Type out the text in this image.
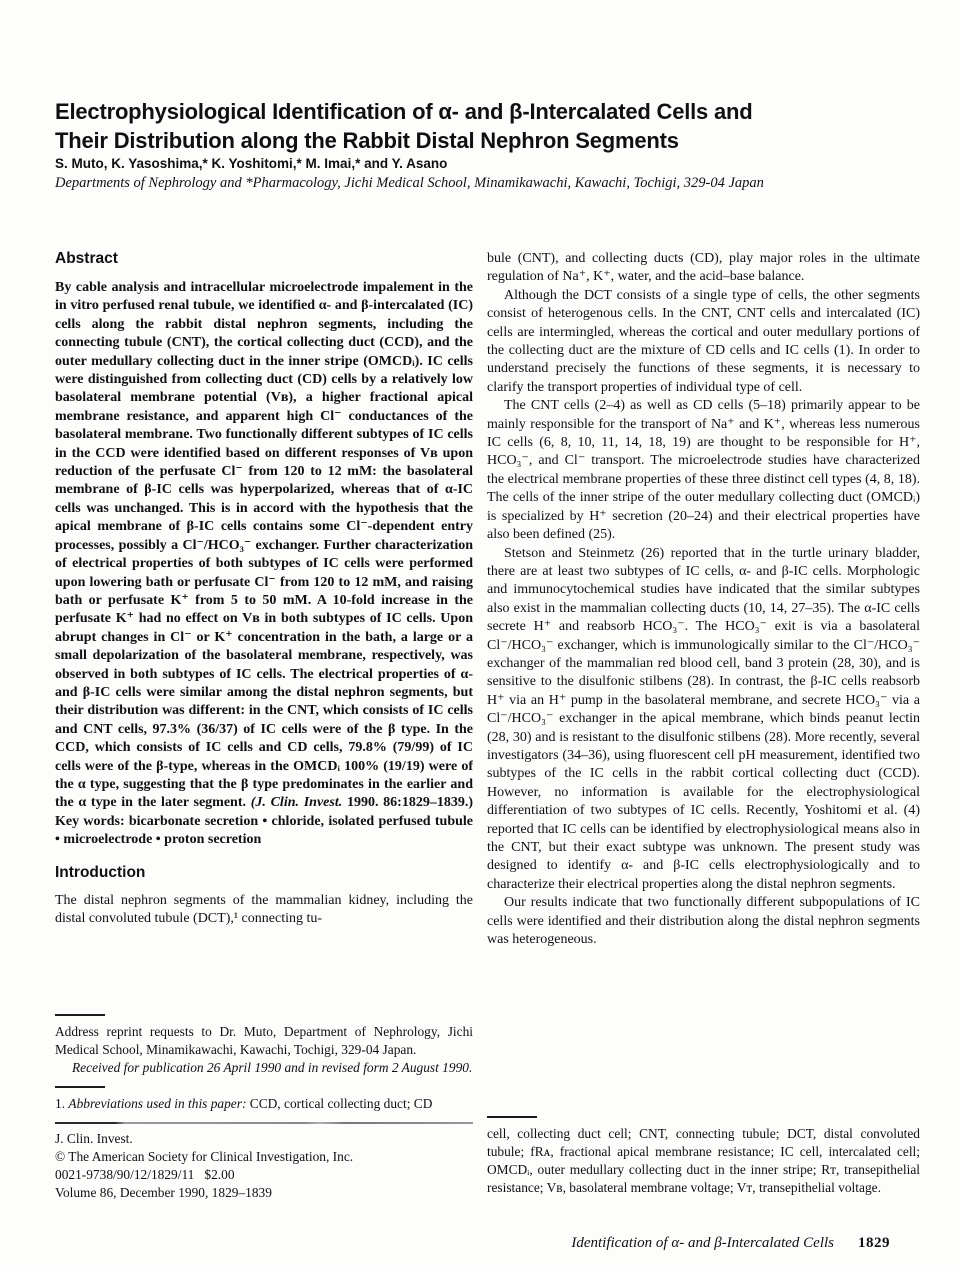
Electrophysiological Identification of α- and β-Intercalated Cells and
Their Distribution along the Rabbit Distal Nephron Segments
S. Muto, K. Yasoshima,* K. Yoshitomi,* M. Imai,* and Y. Asano
Departments of Nephrology and *Pharmacology, Jichi Medical School, Minamikawachi, Kawachi, Tochigi, 329-04 Japan
Abstract

By cable analysis and intracellular microelectrode impalement in the in vitro perfused renal tubule, we identified α- and β-intercalated (IC) cells along the rabbit distal nephron segments, including the connecting tubule (CNT), the cortical collecting duct (CCD), and the outer medullary collecting duct in the inner stripe (OMCDᵢ). IC cells were distinguished from collecting duct (CD) cells by a relatively low basolateral membrane potential (Vʙ), a higher fractional apical membrane resistance, and apparent high Cl⁻ conductances of the basolateral membrane. Two functionally different subtypes of IC cells in the CCD were identified based on different responses of Vʙ upon reduction of the perfusate Cl⁻ from 120 to 12 mM: the basolateral membrane of β-IC cells was hyperpolarized, whereas that of α-IC cells was unchanged. This is in accord with the hypothesis that the apical membrane of β-IC cells contains some Cl⁻-dependent entry processes, possibly a Cl⁻/HCO₃⁻ exchanger. Further characterization of electrical properties of both subtypes of IC cells were performed upon lowering bath or perfusate Cl⁻ from 120 to 12 mM, and raising bath or perfusate K⁺ from 5 to 50 mM. A 10-fold increase in the perfusate K⁺ had no effect on Vʙ in both subtypes of IC cells. Upon abrupt changes in Cl⁻ or K⁺ concentration in the bath, a large or a small depolarization of the basolateral membrane, respectively, was observed in both subtypes of IC cells. The electrical properties of α- and β-IC cells were similar among the distal nephron segments, but their distribution was different: in the CNT, which consists of IC cells and CNT cells, 97.3% (36/37) of IC cells were of the β type. In the CCD, which consists of IC cells and CD cells, 79.8% (79/99) of IC cells were of the β-type, whereas in the OMCDᵢ 100% (19/19) were of the α type, suggesting that the β type predominates in the earlier and the α type in the later segment. (J. Clin. Invest. 1990. 86:1829–1839.) Key words: bicarbonate secretion • chloride, isolated perfused tubule • microelectrode • proton secretion

Introduction

The distal nephron segments of the mammalian kidney, including the distal convoluted tubule (DCT),¹ connecting tu-

bule (CNT), and collecting ducts (CD), play major roles in the ultimate regulation of Na⁺, K⁺, water, and the acid–base balance.

Although the DCT consists of a single type of cells, the other segments consist of heterogenous cells. In the CNT, CNT cells and intercalated (IC) cells are intermingled, whereas the cortical and outer medullary portions of the collecting duct are the mixture of CD cells and IC cells (1). In order to understand precisely the functions of these segments, it is necessary to clarify the transport properties of individual type of cell.

The CNT cells (2–4) as well as CD cells (5–18) primarily appear to be mainly responsible for the transport of Na⁺ and K⁺, whereas less numerous IC cells (6, 8, 10, 11, 14, 18, 19) are thought to be responsible for H⁺, HCO₃⁻, and Cl⁻ transport. The microelectrode studies have characterized the electrical membrane properties of these three distinct cell types (4, 8, 18). The cells of the inner stripe of the outer medullary collecting duct (OMCDᵢ) is specialized by H⁺ secretion (20–24) and their electrical properties have also been defined (25).

Stetson and Steinmetz (26) reported that in the turtle urinary bladder, there are at least two subtypes of IC cells, α- and β-IC cells. Morphologic and immunocytochemical studies have indicated that the similar subtypes also exist in the mammalian collecting ducts (10, 14, 27–35). The α-IC cells secrete H⁺ and reabsorb HCO₃⁻. The HCO₃⁻ exit is via a basolateral Cl⁻/HCO₃⁻ exchanger, which is immunologically similar to the Cl⁻/HCO₃⁻ exchanger of the mammalian red blood cell, band 3 protein (28, 30), and is sensitive to the disulfonic stilbens (28). In contrast, the β-IC cells reabsorb H⁺ via an H⁺ pump in the basolateral membrane, and secrete HCO₃⁻ via a Cl⁻/HCO₃⁻ exchanger in the apical membrane, which binds peanut lectin (28, 30) and is resistant to the disulfonic stilbens (28). More recently, several investigators (34–36), using fluorescent cell pH measurement, identified two subtypes of the IC cells in the rabbit cortical collecting duct (CCD). However, no information is available for the electrophysiological differentiation of two subtypes of IC cells. Recently, Yoshitomi et al. (4) reported that IC cells can be identified by electrophysiological means also in the CNT, but their exact subtype was unknown. The present study was designed to identify α- and β-IC cells electrophysiologically and to characterize their electrical properties along the distal nephron segments.

Our results indicate that two functionally different subpopulations of IC cells were identified and their distribution along the distal nephron segments was heterogeneous.

Address reprint requests to Dr. Muto, Department of Nephrology, Jichi Medical School, Minamikawachi, Kawachi, Tochigi, 329-04 Japan.

Received for publication 26 April 1990 and in revised form 2 August 1990.

1. Abbreviations used in this paper: CCD, cortical collecting duct; CD

J. Clin. Invest.

© The American Society for Clinical Investigation, Inc.

0021-9738/90/12/1829/11   $2.00

Volume 86, December 1990, 1829–1839

cell, collecting duct cell; CNT, connecting tubule; DCT, distal convoluted tubule; fRᴀ, fractional apical membrane resistance; IC cell, intercalated cell; OMCDᵢ, outer medullary collecting duct in the inner stripe; Rᴛ, transepithelial resistance; Vʙ, basolateral membrane voltage; Vᴛ, transepithelial voltage.

Identification of α- and β-Intercalated Cells 1829
